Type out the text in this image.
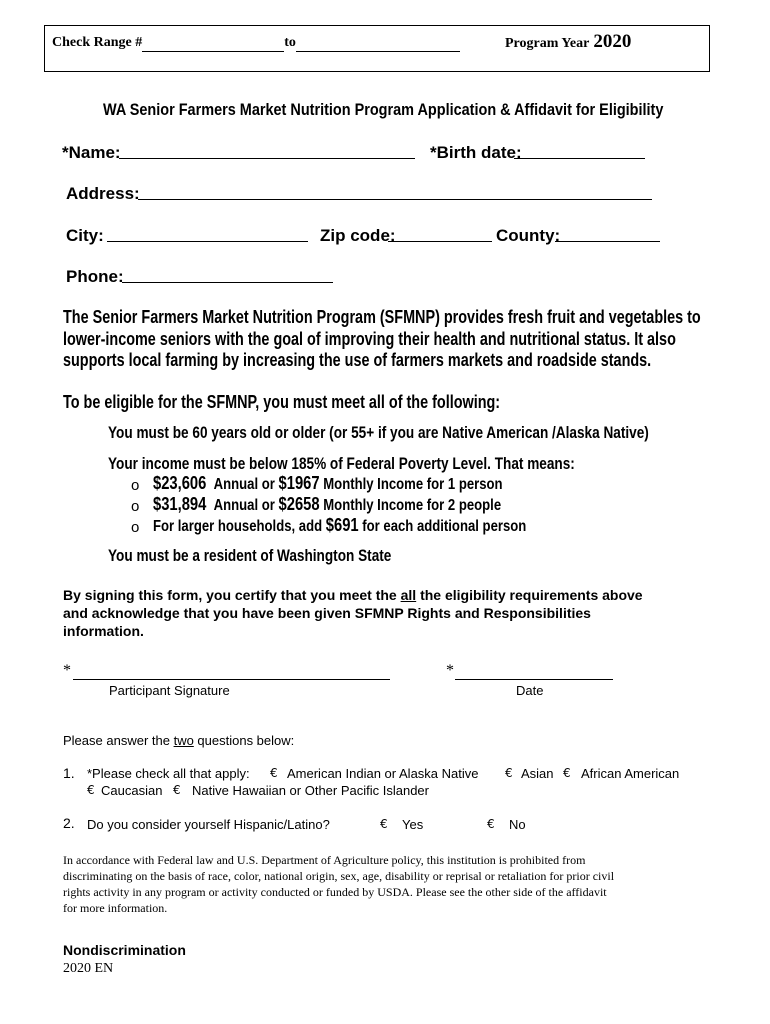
Check Range #	to	Program Year 2020
WA Senior Farmers Market Nutrition Program Application & Affidavit for Eligibility
*Name:	*Birth date:
Address:
City:	Zip code:	County:
Phone:
The Senior Farmers Market Nutrition Program (SFMNP) provides fresh fruit and vegetables to
lower-income seniors with the goal of improving their health and nutritional status. It also
supports local farming by increasing the use of farmers markets and roadside stands.
To be eligible for the SFMNP, you must meet all of the following:
You must be 60 years old or older (or 55+ if you are Native American /Alaska Native)
Your income must be below 185% of Federal Poverty Level. That means:
o $23,606 Annual or $1967 Monthly Income for 1 person
o $31,894 Annual or $2658 Monthly Income for 2 people
o For larger households, add $691 for each additional person
You must be a resident of Washington State
By signing this form, you certify that you meet the all the eligibility requirements above
and acknowledge that you have been given SFMNP Rights and Responsibilities
information.
*
Participant Signature
*
Date
Please answer the two questions below:
1. *Please check all that apply: € American Indian or Alaska Native € Asian € African American
€ Caucasian € Native Hawaiian or Other Pacific Islander
2. Do you consider yourself Hispanic/Latino?	€ Yes	€ No
In accordance with Federal law and U.S. Department of Agriculture policy, this institution is prohibited from
discriminating on the basis of race, color, national origin, sex, age, disability or reprisal or retaliation for prior civil
rights activity in any program or activity conducted or funded by USDA. Please see the other side of the affidavit
for more information.
Nondiscrimination
2020 EN
